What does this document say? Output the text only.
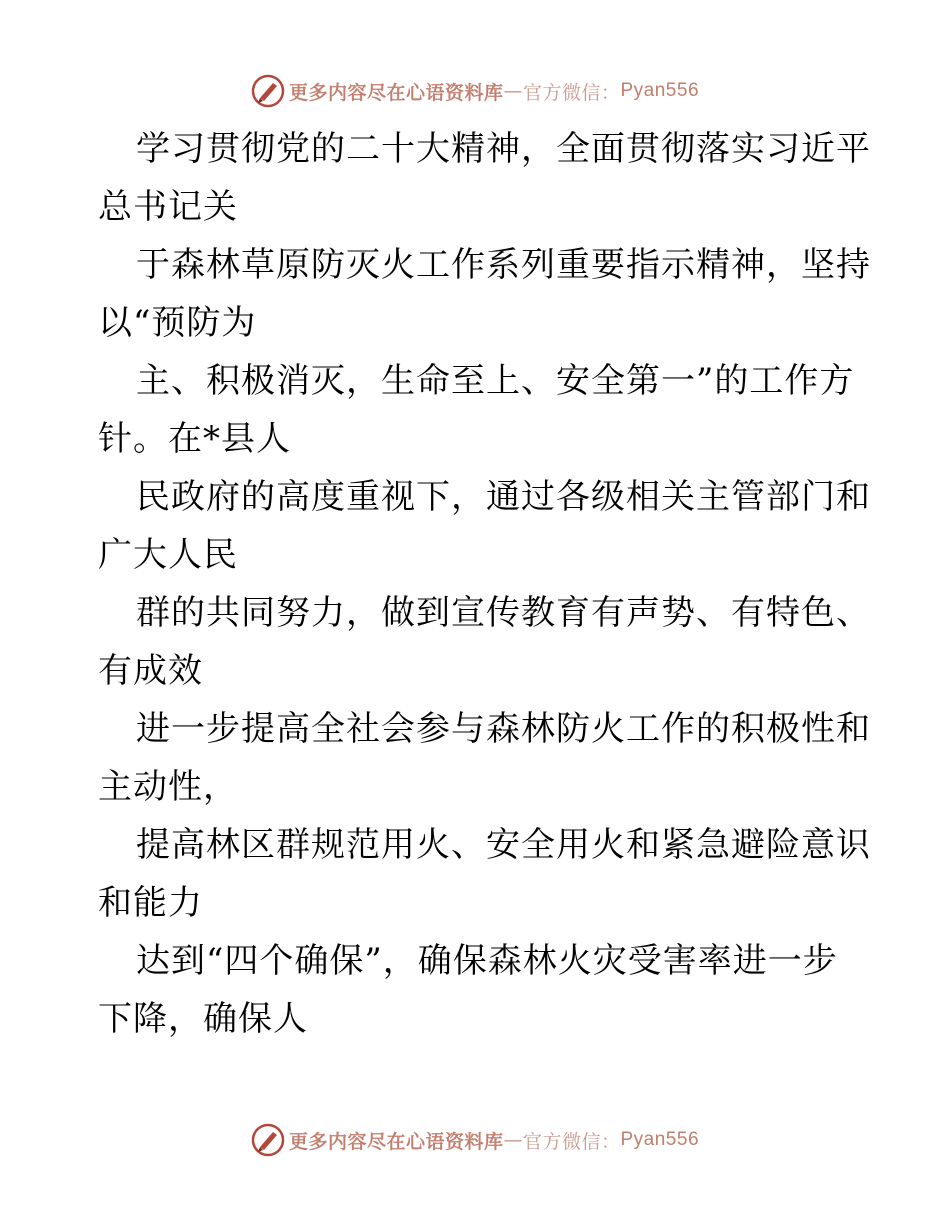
更多内容尽在心语资料库 — 官方微信： Pyan556
学习贯彻党的二十大精神，全面贯彻落实习近平
总书记关
于森林草原防灭火工作系列重要指示精神，坚持
以“预防为
主、积极消灭，生命至上、安全第一”的工作方
针。在*县人
民政府的高度重视下，通过各级相关主管部门和
广大人民
群的共同努力，做到宣传教育有声势、有特色、
有成效
进一步提高全社会参与森林防火工作的积极性和
主动性，
提高林区群规范用火、安全用火和紧急避险意识
和能力
达到“四个确保”，确保森林火灾受害率进一步
下降，确保人
更多内容尽在心语资料库 — 官方微信： Pyan556
